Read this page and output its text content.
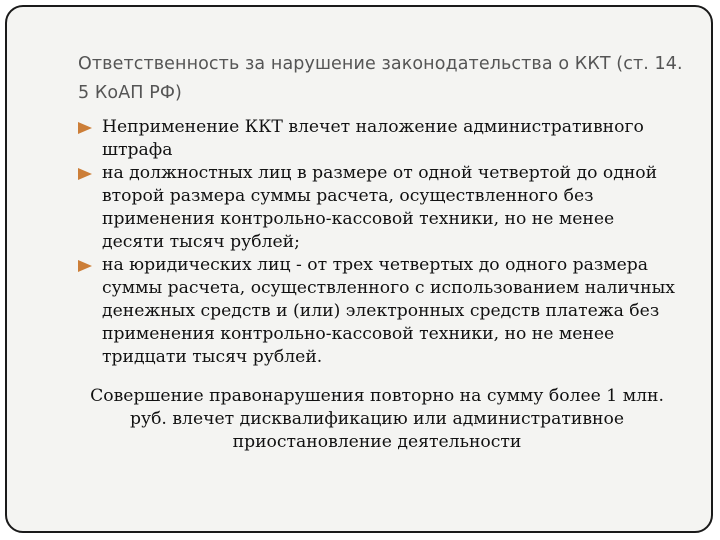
Ответственность за нарушение законодательства о ККТ (ст. 14. 5 КоАП РФ)
Неприменение ККТ влечет наложение административного штрафа
на должностных лиц в размере от одной четвертой до одной второй размера суммы расчета, осуществленного без применения контрольно-кассовой техники, но не менее десяти тысяч рублей;
на юридических лиц - от трех четвертых до одного размера суммы расчета, осуществленного с использованием наличных денежных средств и (или) электронных средств платежа без применения контрольно-кассовой техники, но не менее тридцати тысяч рублей.

Совершение правонарушения повторно на сумму более 1 млн. руб. влечет дисквалификацию или административное приостановление деятельности
